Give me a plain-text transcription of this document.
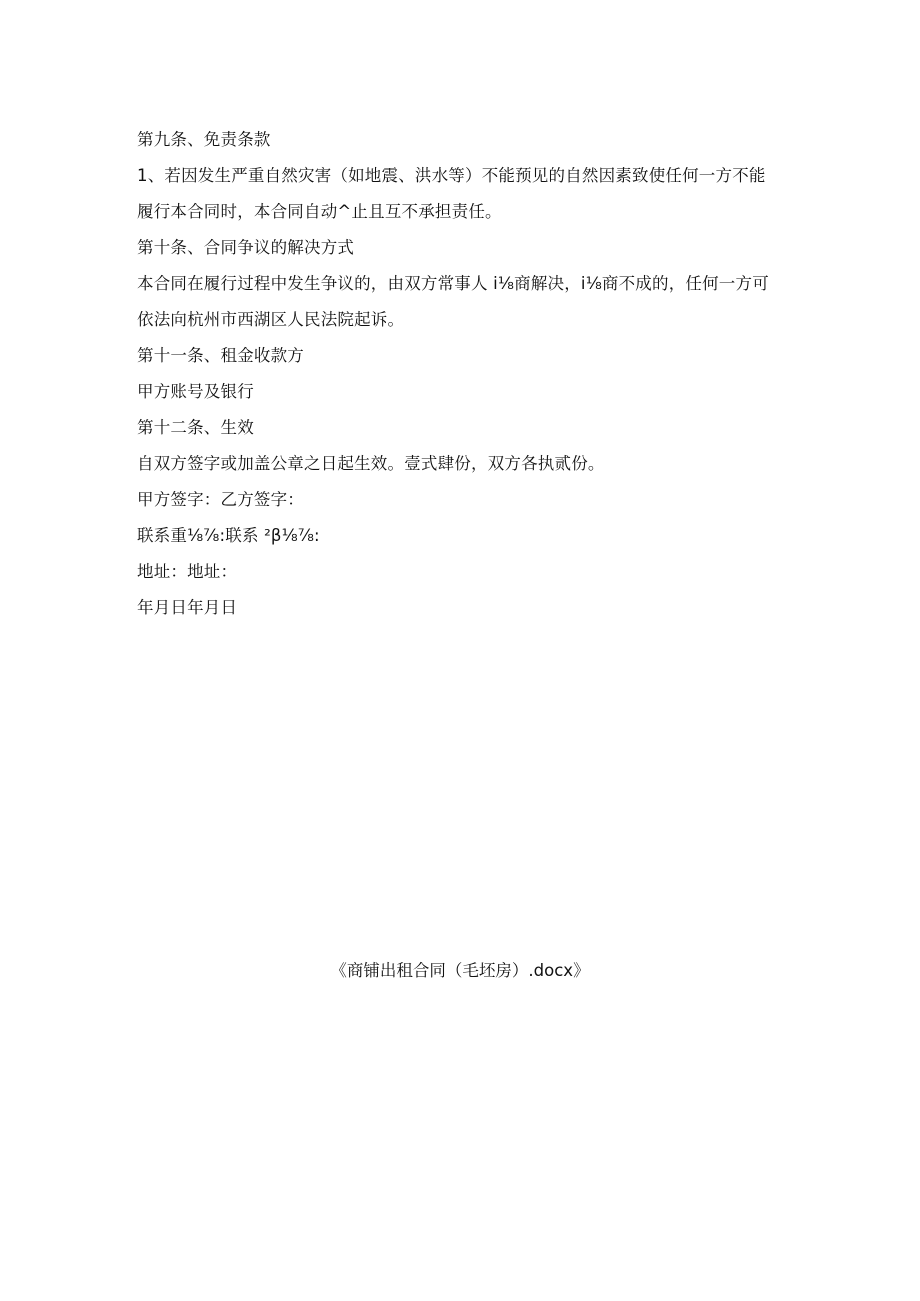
第九条、免责条款
1、若因发生严重自然灾害（如地震、洪水等）不能预见的自然因素致使任何一方不能
履行本合同时，本合同自动^止且互不承担责任。
第十条、合同争议的解决方式
本合同在履行过程中发生争议的，由双方常事人 i⅛商解决，i⅛商不成的，任何一方可
依法向杭州市西湖区人民法院起诉。
第十一条、租金收款方
甲方账号及银行
第十二条、生效
自双方签字或加盖公章之日起生效。壹式肆份，双方各执贰份。
甲方签字：乙方签字：
联系重⅛⅞:联系 ²β⅛⅞:
地址：地址：
年月日年月日
《商铺出租合同（毛坯房）.docx》
